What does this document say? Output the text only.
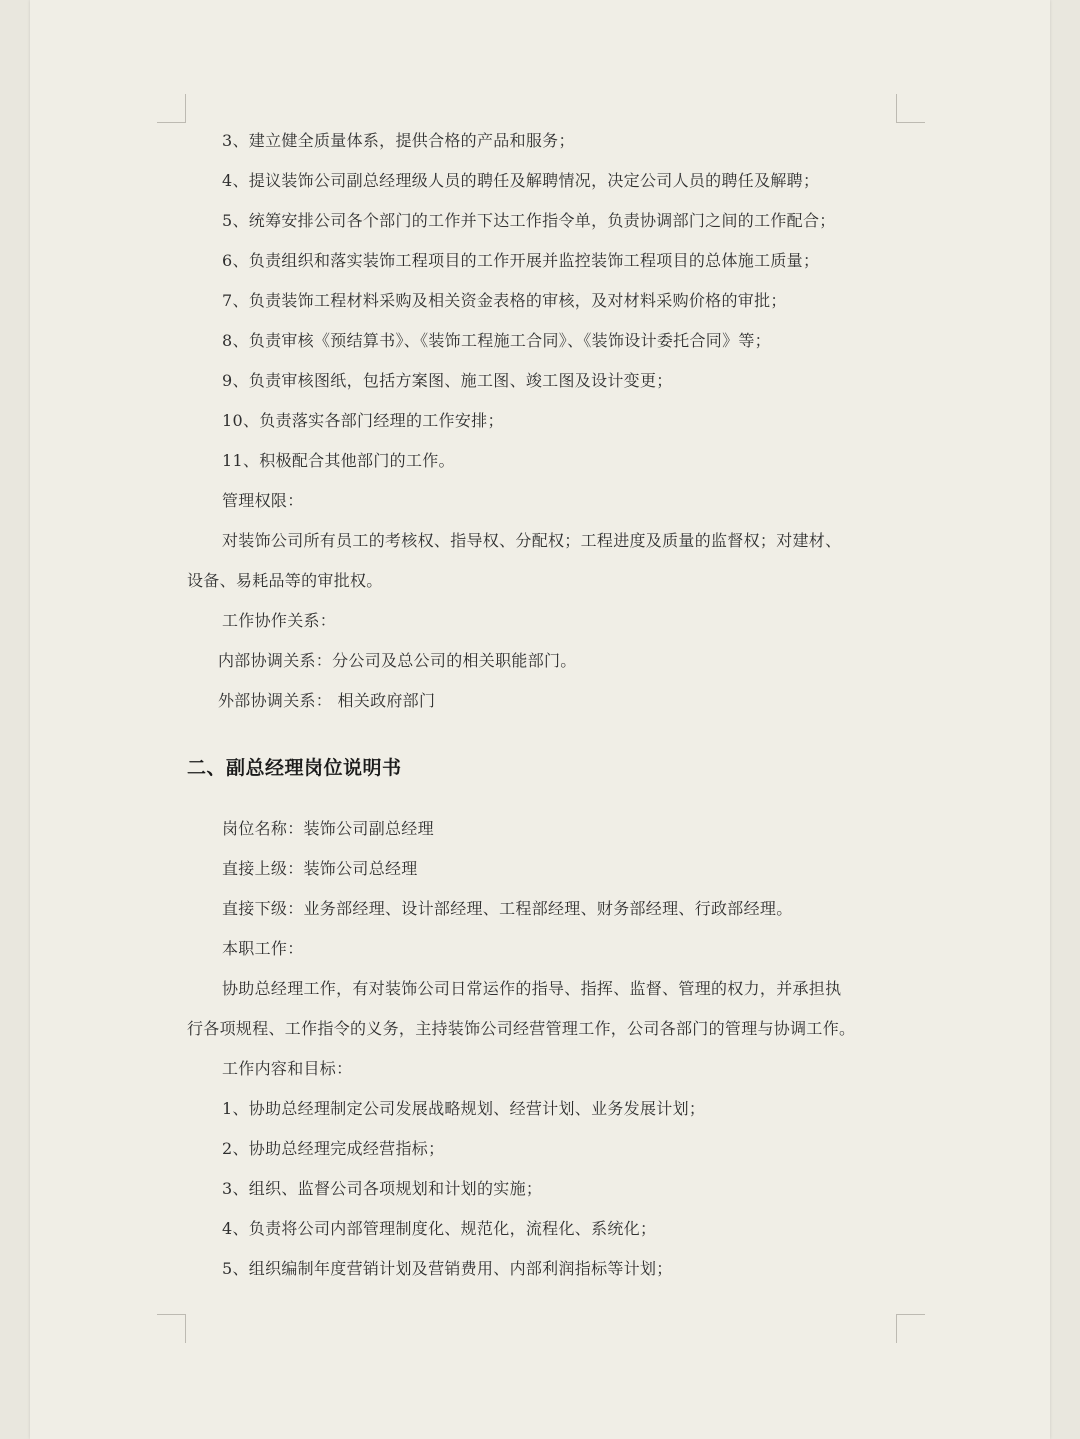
3、建立健全质量体系，提供合格的产品和服务；
4、提议装饰公司副总经理级人员的聘任及解聘情况，决定公司人员的聘任及解聘；
5、统筹安排公司各个部门的工作并下达工作指令单，负责协调部门之间的工作配合；
6、负责组织和落实装饰工程项目的工作开展并监控装饰工程项目的总体施工质量；
7、负责装饰工程材料采购及相关资金表格的审核，及对材料采购价格的审批；
8、负责审核《预结算书》、《装饰工程施工合同》、《装饰设计委托合同》等；
9、负责审核图纸，包括方案图、施工图、竣工图及设计变更；
10、负责落实各部门经理的工作安排；
11、积极配合其他部门的工作。
管理权限：
对装饰公司所有员工的考核权、指导权、分配权；工程进度及质量的监督权；对建材、
设备、易耗品等的审批权。
工作协作关系：
内部协调关系：分公司及总公司的相关职能部门。
外部协调关系： 相关政府部门
二、副总经理岗位说明书
岗位名称：装饰公司副总经理
直接上级：装饰公司总经理
直接下级：业务部经理、设计部经理、工程部经理、财务部经理、行政部经理。
本职工作：
协助总经理工作，有对装饰公司日常运作的指导、指挥、监督、管理的权力，并承担执
行各项规程、工作指令的义务，主持装饰公司经营管理工作，公司各部门的管理与协调工作。
工作内容和目标：
1、协助总经理制定公司发展战略规划、经营计划、业务发展计划；
2、协助总经理完成经营指标；
3、组织、监督公司各项规划和计划的实施；
4、负责将公司内部管理制度化、规范化，流程化、系统化；
5、组织编制年度营销计划及营销费用、内部利润指标等计划；
